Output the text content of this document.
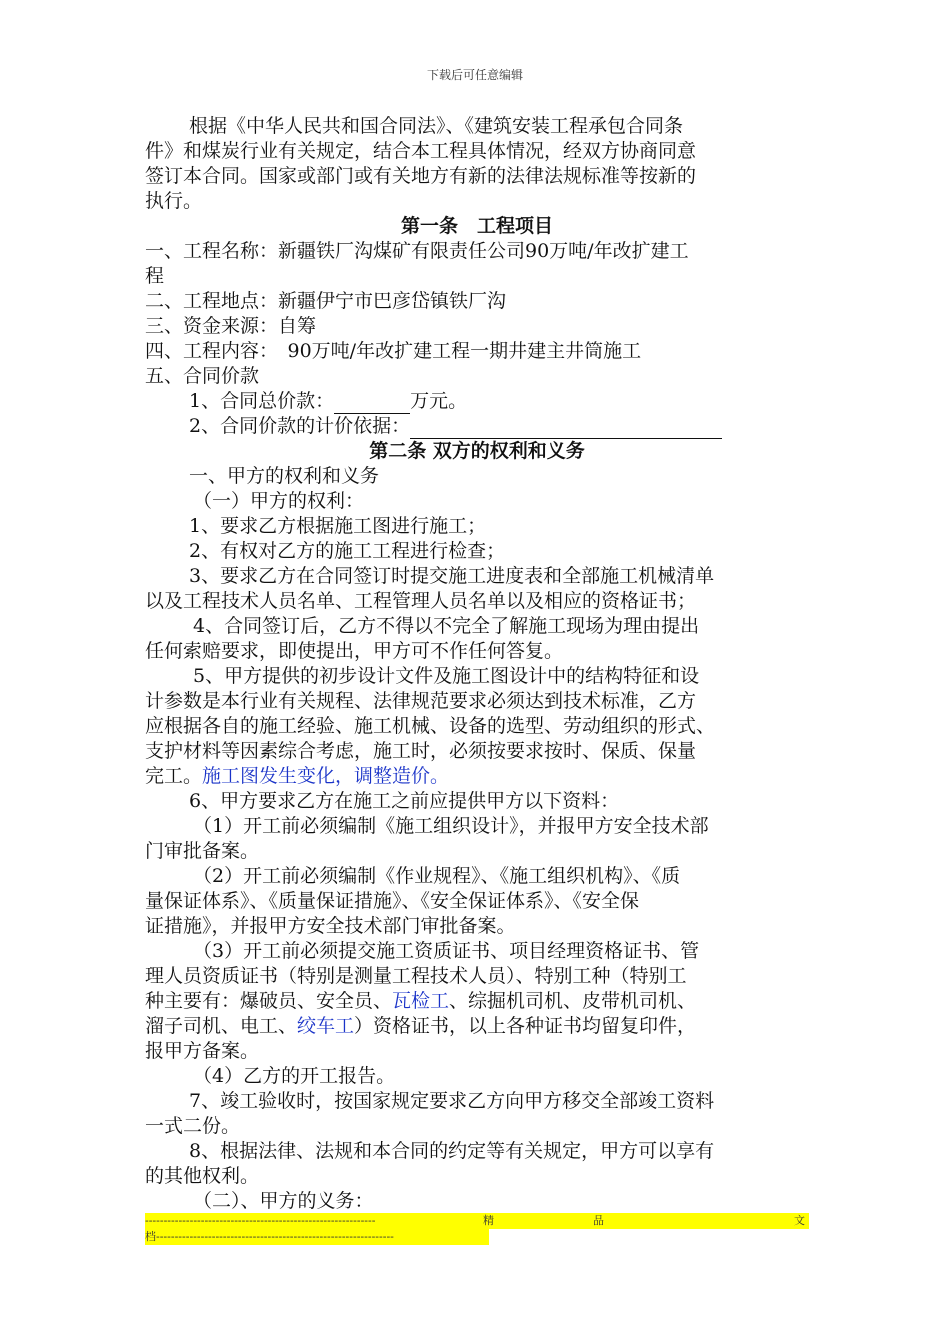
下载后可任意编辑

根据《中华人民共和国合同法》、《建筑安装工程承包合同条

件》和煤炭行业有关规定，结合本工程具体情况，经双方协商同意

签订本合同。国家或部门或有关地方有新的法律法规标准等按新的

执行。

第一条　工程项目

一、工程名称：新疆铁厂沟煤矿有限责任公司90万吨/年改扩建工

程

二、工程地点：新疆伊宁市巴彦岱镇铁厂沟

三、资金来源：自筹

四、工程内容：　90万吨/年改扩建工程一期井建主井筒施工

五、合同价款

1、合同总价款：	万元。

2、合同价款的计价依据：

第二条 双方的权利和义务

一、甲方的权利和义务

（一）甲方的权利：

1、要求乙方根据施工图进行施工；

2、有权对乙方的施工工程进行检查；

3、要求乙方在合同签订时提交施工进度表和全部施工机械清单

以及工程技术人员名单、工程管理人员名单以及相应的资格证书；

4、合同签订后，乙方不得以不完全了解施工现场为理由提出

任何索赔要求，即使提出，甲方可不作任何答复。

5、甲方提供的初步设计文件及施工图设计中的结构特征和设

计参数是本行业有关规程、法律规范要求必须达到技术标准，乙方

应根据各自的施工经验、施工机械、设备的选型、劳动组织的形式、

支护材料等因素综合考虑，施工时，必须按要求按时、保质、保量

完工。施工图发生变化，调整造价。

6、甲方要求乙方在施工之前应提供甲方以下资料：

（1）开工前必须编制《施工组织设计》，并报甲方安全技术部

门审批备案。

（2）开工前必须编制《作业规程》、《施工组织机构》、《质

量保证体系》、《质量保证措施》、《安全保证体系》、《安全保

证措施》，并报甲方安全技术部门审批备案。

（3）开工前必须提交施工资质证书、项目经理资格证书、管

理人员资质证书（特别是测量工程技术人员）、特别工种（特别工

种主要有：爆破员、安全员、瓦检工、综掘机司机、皮带机司机、

溜子司机、电工、绞车工）资格证书，以上各种证书均留复印件，

报甲方备案。

（4）乙方的开工报告。

7、竣工验收时，按国家规定要求乙方向甲方移交全部竣工资料

一式二份。

8、根据法律、法规和本合同的约定等有关规定，甲方可以享有

的其他权利。

（二）、甲方的义务：

--------------------------------------------------------------	精	品	文
档----------------------------------------------------------------
